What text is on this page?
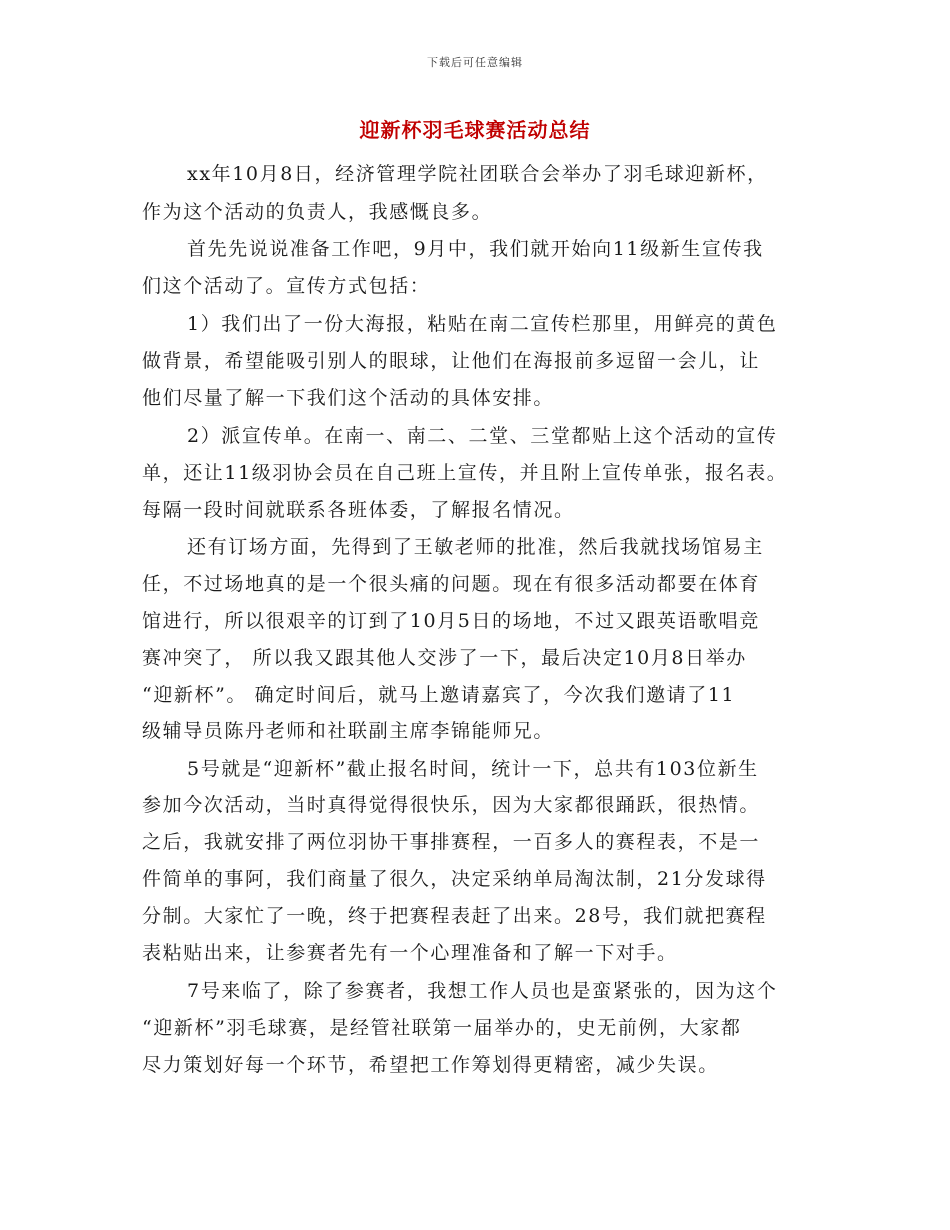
下载后可任意编辑
迎新杯羽毛球赛活动总结
xx年10月8日，经济管理学院社团联合会举办了羽毛球迎新杯，
作为这个活动的负责人，我感慨良多。
首先先说说准备工作吧，9月中，我们就开始向11级新生宣传我
们这个活动了。宣传方式包括：
1）我们出了一份大海报，粘贴在南二宣传栏那里，用鲜亮的黄色
做背景，希望能吸引别人的眼球，让他们在海报前多逗留一会儿，让
他们尽量了解一下我们这个活动的具体安排。
2）派宣传单。在南一、南二、二堂、三堂都贴上这个活动的宣传
单，还让11级羽协会员在自己班上宣传，并且附上宣传单张，报名表。
每隔一段时间就联系各班体委，了解报名情况。
还有订场方面，先得到了王敏老师的批准，然后我就找场馆易主
任，不过场地真的是一个很头痛的问题。现在有很多活动都要在体育
馆进行，所以很艰辛的订到了10月5日的场地，不过又跟英语歌唱竞
赛冲突了， 所以我又跟其他人交涉了一下，最后决定10月8日举办
“迎新杯”。 确定时间后，就马上邀请嘉宾了，今次我们邀请了11
级辅导员陈丹老师和社联副主席李锦能师兄。
5号就是“迎新杯”截止报名时间，统计一下，总共有103位新生
参加今次活动，当时真得觉得很快乐，因为大家都很踊跃，很热情。
之后，我就安排了两位羽协干事排赛程，一百多人的赛程表，不是一
件简单的事阿，我们商量了很久，决定采纳单局淘汰制，21分发球得
分制。大家忙了一晚，终于把赛程表赶了出来。28号，我们就把赛程
表粘贴出来，让参赛者先有一个心理准备和了解一下对手。
7号来临了，除了参赛者，我想工作人员也是蛮紧张的，因为这个
“迎新杯”羽毛球赛，是经管社联第一届举办的，史无前例，大家都
尽力策划好每一个环节，希望把工作筹划得更精密，减少失误。
